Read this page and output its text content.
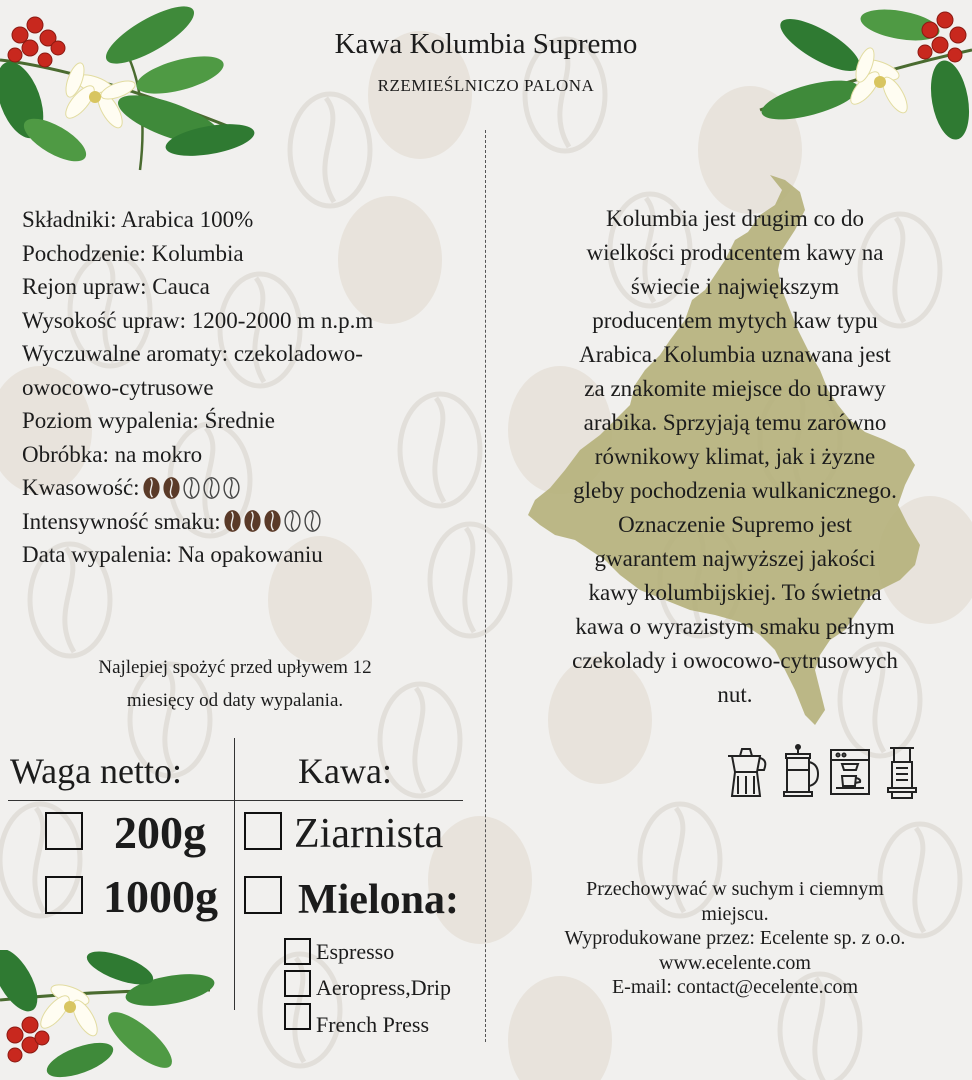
Kawa Kolumbia Supremo
RZEMIEŚLNICZO PALONA
Składniki: Arabica 100%
Pochodzenie: Kolumbia
Rejon upraw: Cauca
Wysokość upraw: 1200-2000 m n.p.m
Wyczuwalne aromaty: czekoladowo-
owocowo-cytrusowe
Poziom wypalenia: Średnie
Obróbka: na mokro
Kwasowość:
Intensywność smaku:
Data wypalenia: Na opakowaniu
Najlepiej spożyć przed upływem 12
miesięcy od daty wypalania.
Waga netto:	Kawa:
200g
1000g
Ziarnista
Mielona:
Espresso
Aeropress,Drip
French Press
Kolumbia jest drugim co do
wielkości producentem kawy na
świecie i największym
producentem mytych kaw typu
Arabica. Kolumbia uznawana jest
za znakomite miejsce do uprawy
arabika. Sprzyjają temu zarówno
równikowy klimat, jak i żyzne
gleby pochodzenia wulkanicznego.
Oznaczenie Supremo jest
gwarantem najwyższej jakości
kawy kolumbijskiej. To świetna
kawa o wyrazistym smaku pełnym
czekolady i owocowo-cytrusowych
nut.
Przechowywać w suchym i ciemnym
miejscu.
Wyprodukowane przez: Ecelente sp. z o.o.
www.ecelente.com
E-mail: contact@ecelente.com
